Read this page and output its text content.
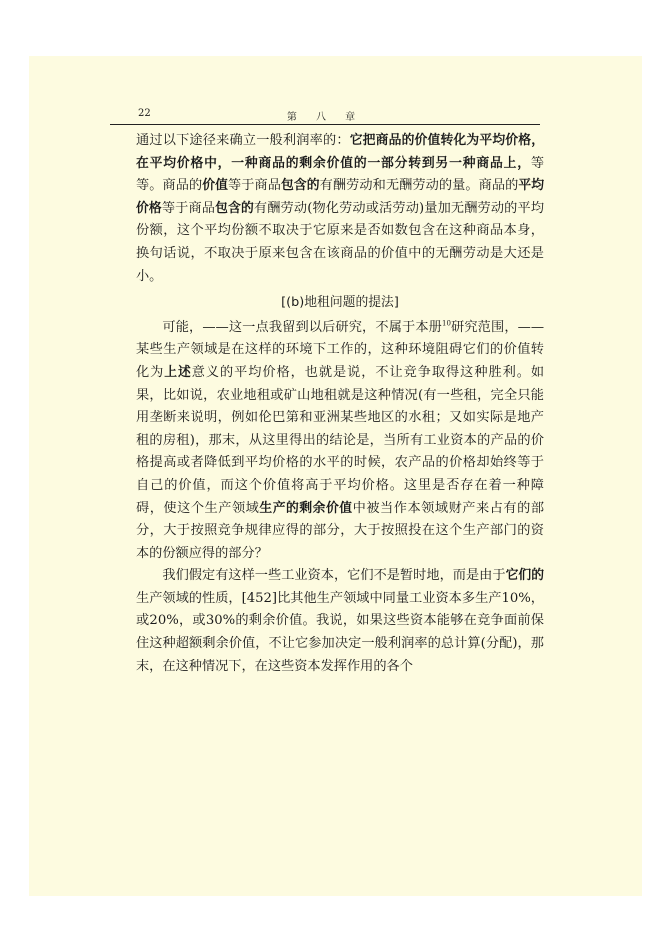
22	第 八 章

通过以下途径来确立一般利润率的：它把商品的价值转化为平均价格，在平均价格中，一种商品的剩余价值的一部分转到另一种商品上，等等。商品的价值等于商品包含的有酬劳动和无酬劳动的量。商品的平均价格等于商品包含的有酬劳动(物化劳动或活劳动)量加无酬劳动的平均份额，这个平均份额不取决于它原来是否如数包含在这种商品本身，换句话说，不取决于原来包含在该商品的价值中的无酬劳动是大还是小。

[(b)地租问题的提法]

可能，——这一点我留到以后研究，不属于本册$^{10}$研究范围，——某些生产领域是在这样的环境下工作的，这种环境阻碍它们的价值转化为上述意义的平均价格，也就是说，不让竞争取得这种胜利。如果，比如说，农业地租或矿山地租就是这种情况(有一些租，完全只能用垄断来说明，例如伦巴第和亚洲某些地区的水租；又如实际是地产租的房租)，那末，从这里得出的结论是，当所有工业资本的产品的价格提高或者降低到平均价格的水平的时候，农产品的价格却始终等于自己的价值，而这个价值将高于平均价格。这里是否存在着一种障碍，使这个生产领域生产的剩余价值中被当作本领域财产来占有的部分，大于按照竞争规律应得的部分，大于按照投在这个生产部门的资本的份额应得的部分？

我们假定有这样一些工业资本，它们不是暂时地，而是由于它们的生产领域的性质，[452]比其他生产领域中同量工业资本多生产10%，或20%，或30%的剩余价值。我说，如果这些资本能够在竞争面前保住这种超额剩余价值，不让它参加决定一般利润率的总计算(分配)，那末，在这种情况下，在这些资本发挥作用的各个
